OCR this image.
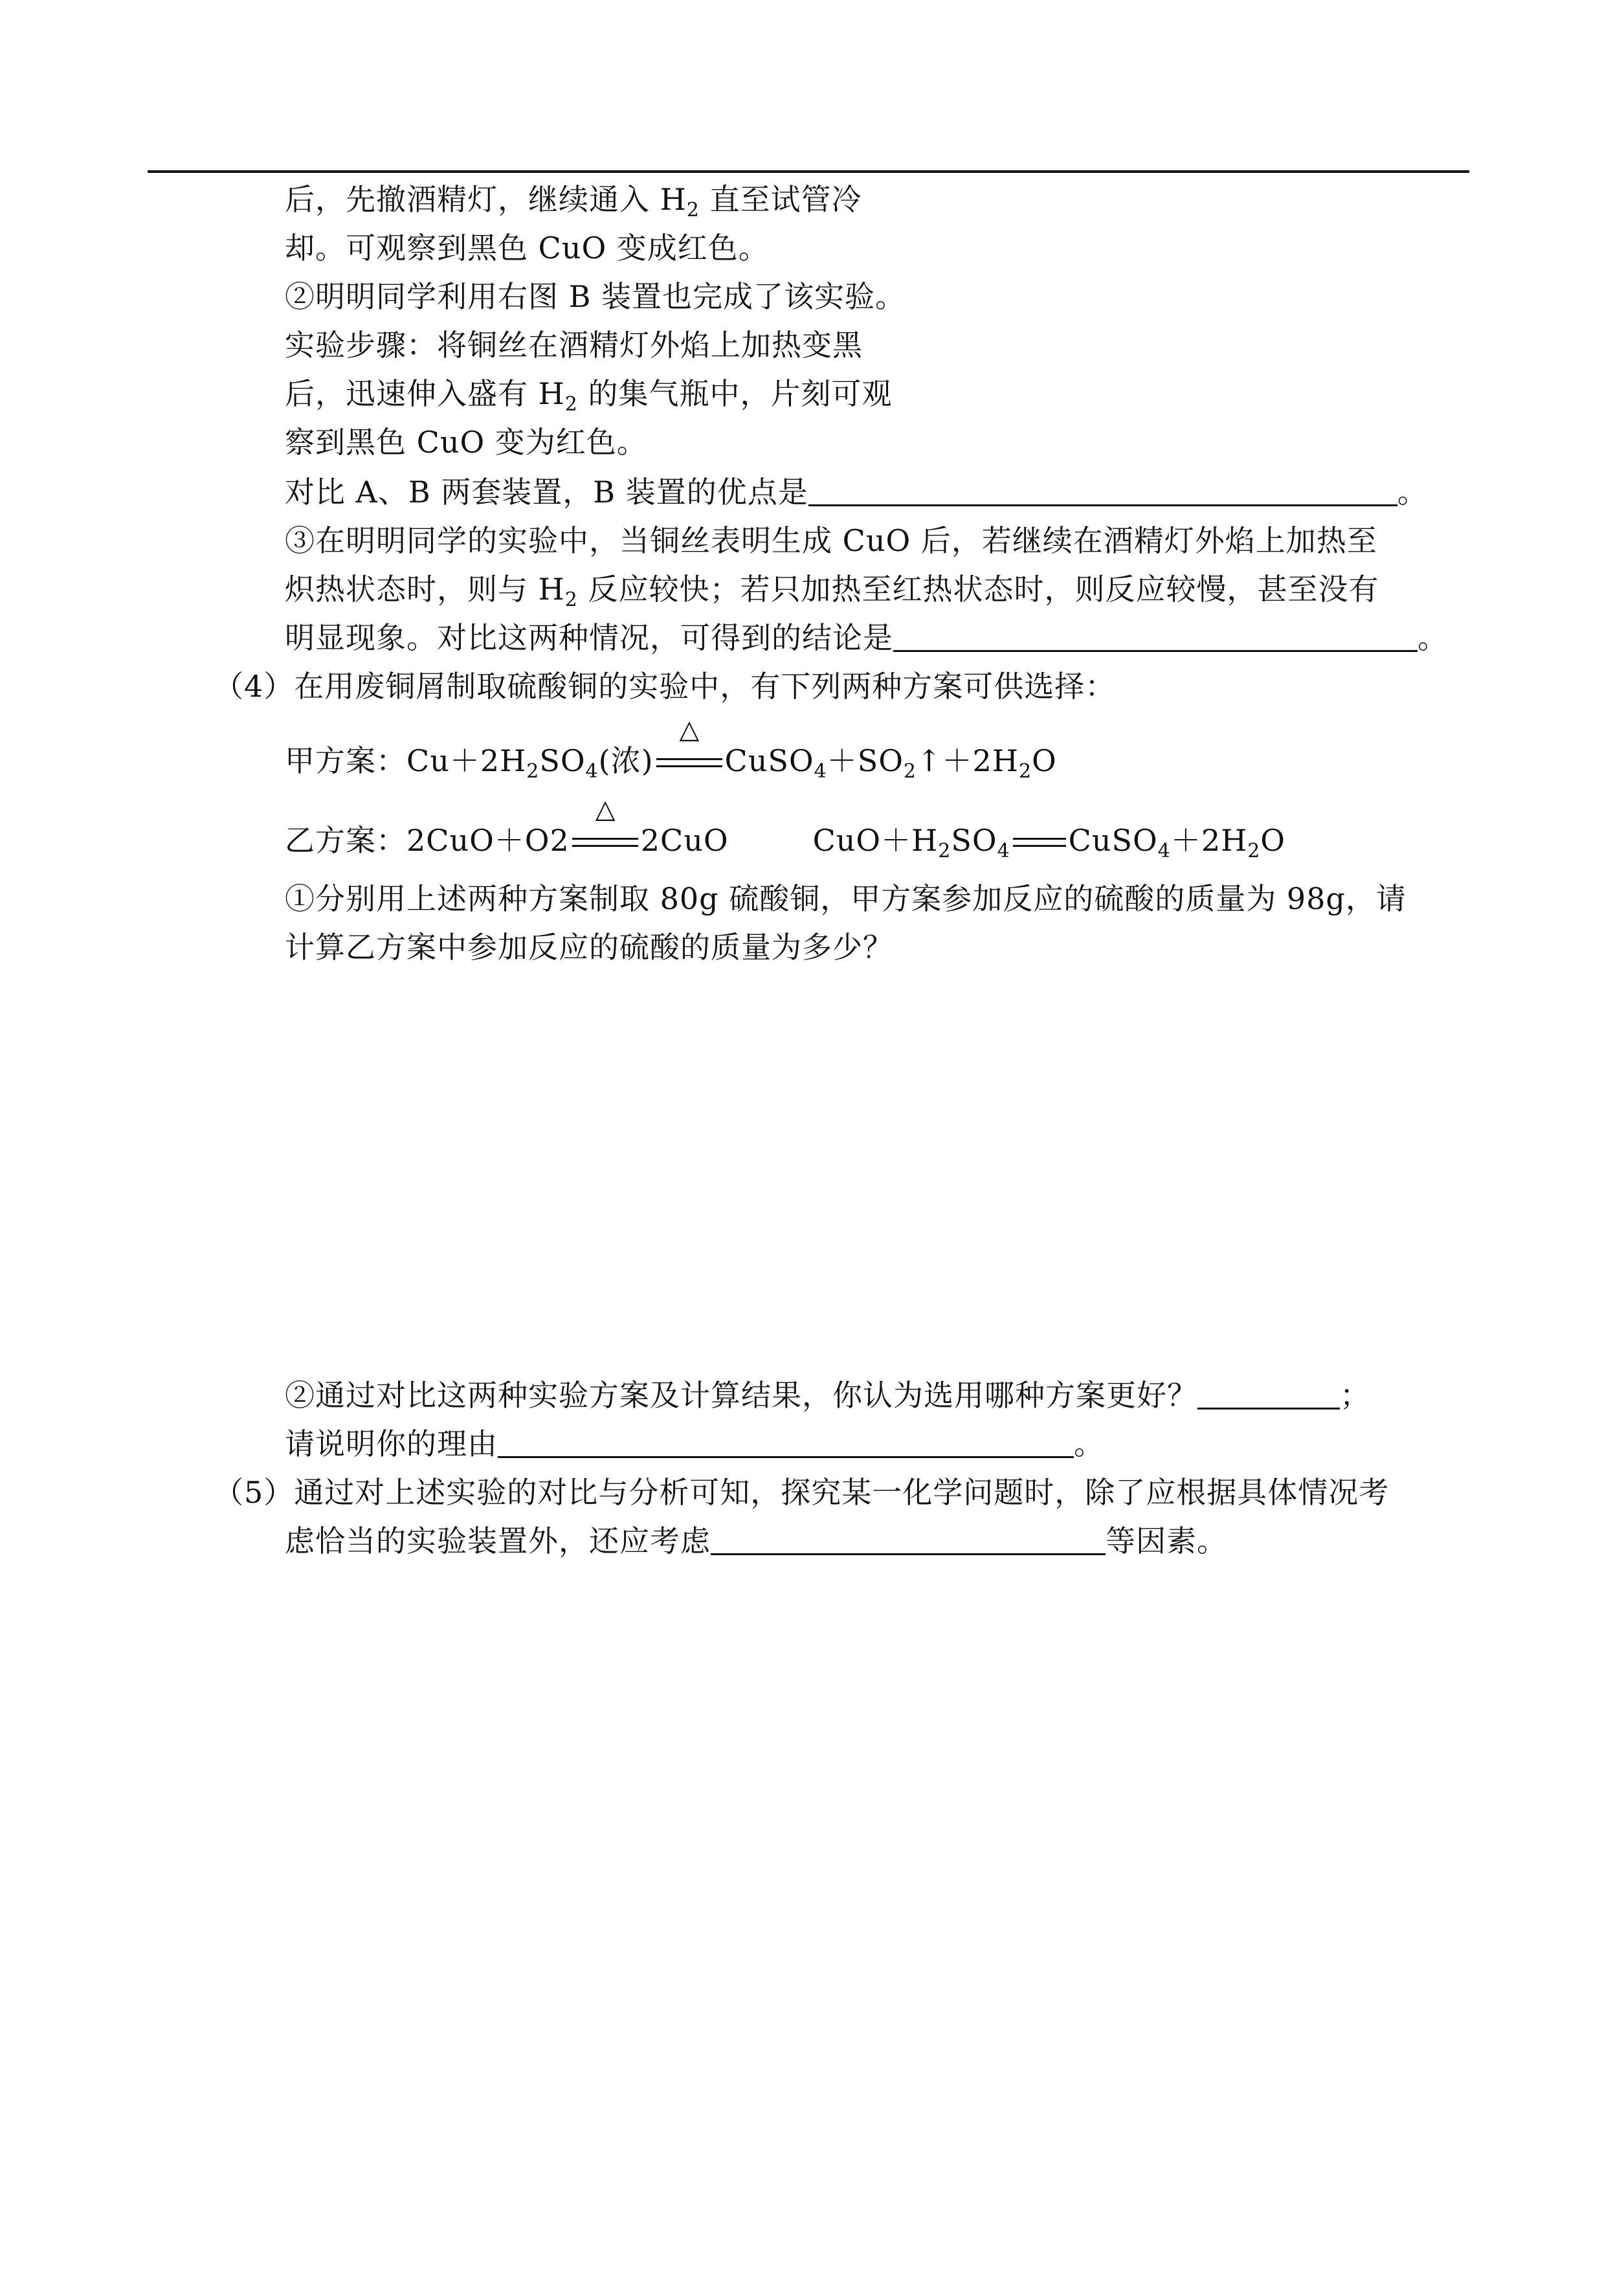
后，先撤酒精灯，继续通入 $H_2$ 直至试管冷
却。可观察到黑色 CuO 变成红色。
②明明同学利用右图 B 装置也完成了该实验。
实验步骤：将铜丝在酒精灯外焰上加热变黑
后，迅速伸入盛有 $H_2$ 的集气瓶中，片刻可观
察到黑色 CuO 变为红色。
对比 A、B 两套装置，B 装置的优点是	。
③在明明同学的实验中，当铜丝表明生成 CuO 后，若继续在酒精灯外焰上加热至
炽热状态时，则与 $H_2$ 反应较快；若只加热至红热状态时，则反应较慢，甚至没有
明显现象。对比这两种情况，可得到的结论是	。
（4）在用废铜屑制取硫酸铜的实验中，有下列两种方案可供选择：
甲方案：$Cu+2H_2SO_4$(浓)
△
$CuSO_4+SO_2↑+2H_2O$
乙方案：2CuO＋O2
△
2CuO	$CuO+H_2SO_4$ $CuSO_4+2H_2O$
①分别用上述两种方案制取 80g 硫酸铜，甲方案参加反应的硫酸的质量为 98g，请
计算乙方案中参加反应的硫酸的质量为多少？
②通过对比这两种实验方案及计算结果，你认为选用哪种方案更好？	；
请说明你的理由	。
（5）通过对上述实验的对比与分析可知，探究某一化学问题时，除了应根据具体情况考
虑恰当的实验装置外，还应考虑	等因素。
